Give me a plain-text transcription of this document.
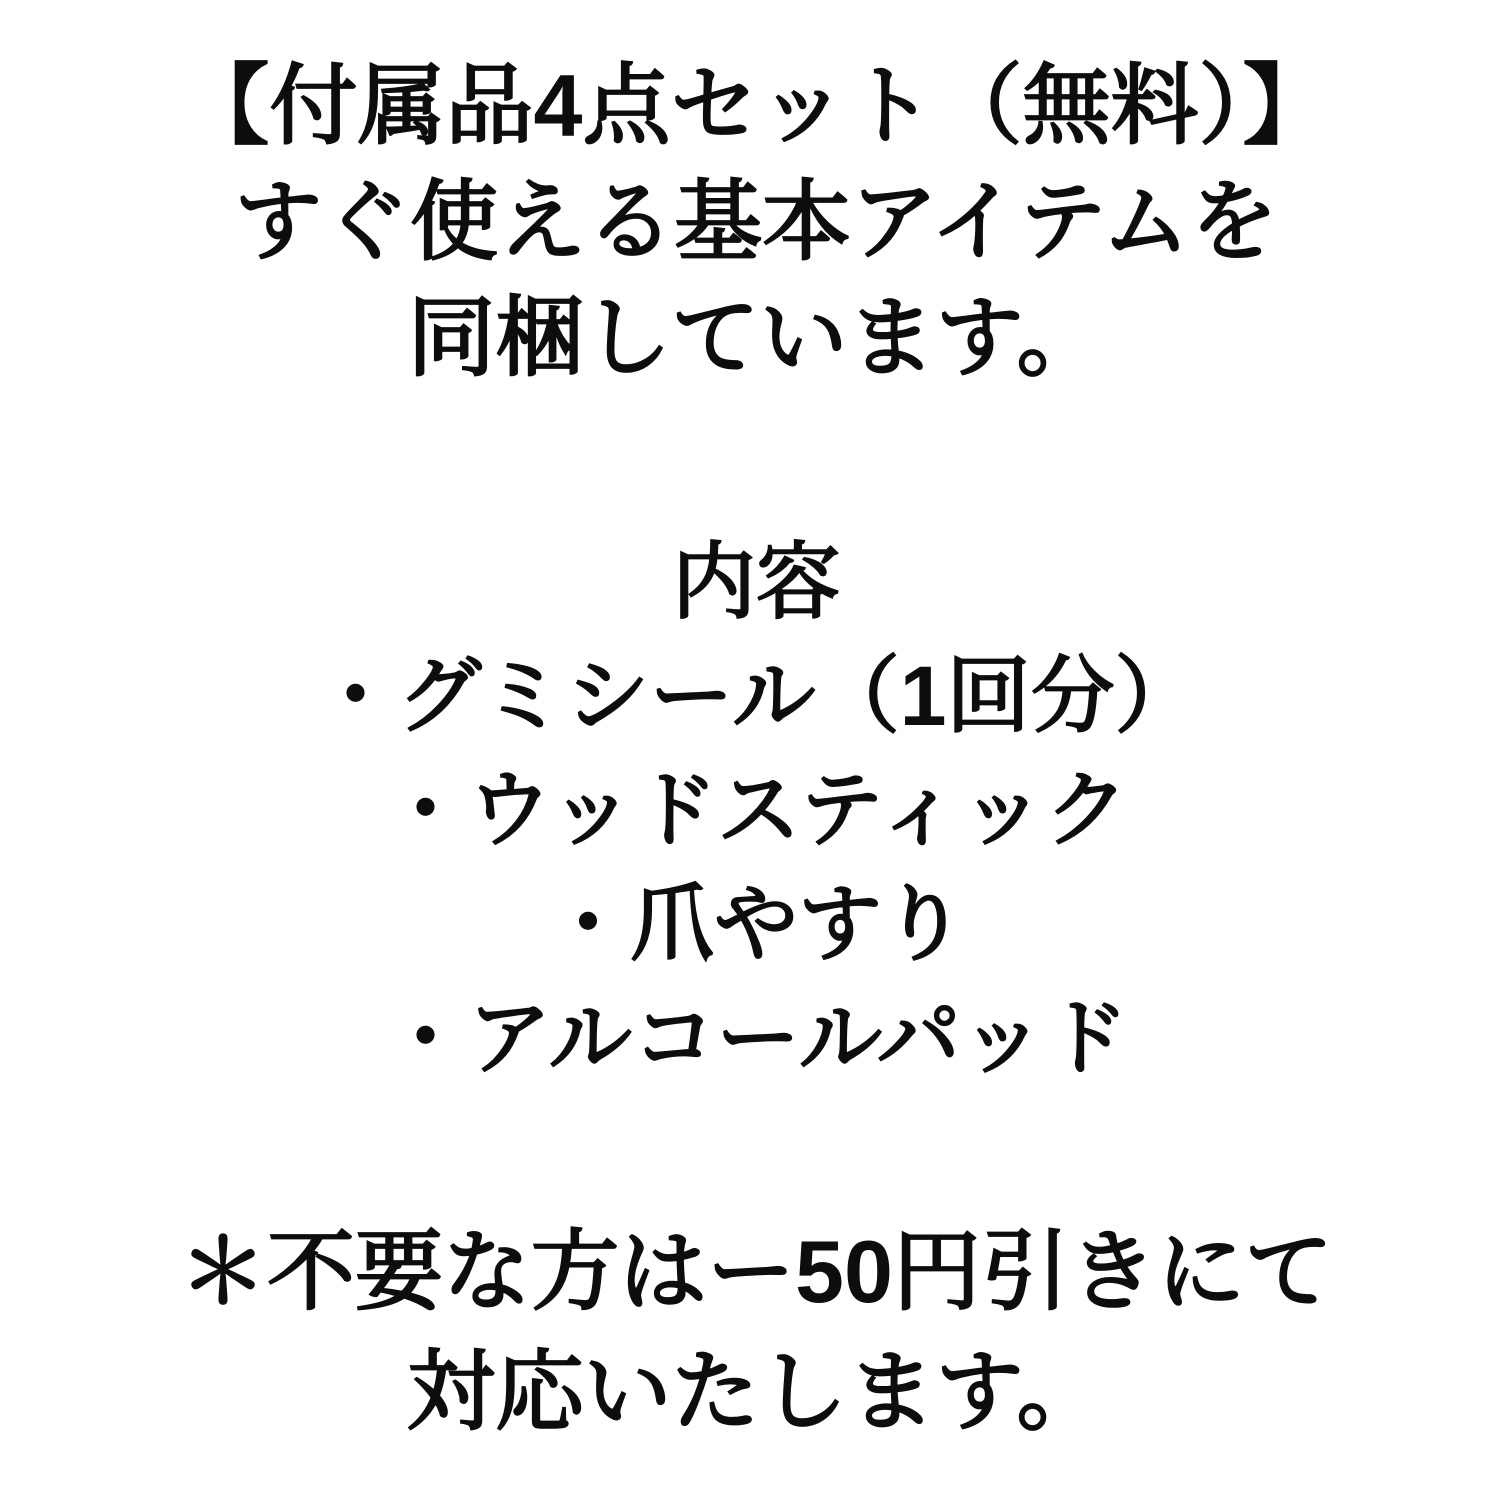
【付属品4点セット（無料）】
すぐ使える基本アイテムを
同梱しています。
内容
・グミシール（1回分）
・ウッドスティック
・爪やすり
・アルコールパッド
＊不要な方はー50円引きにて
対応いたします。
